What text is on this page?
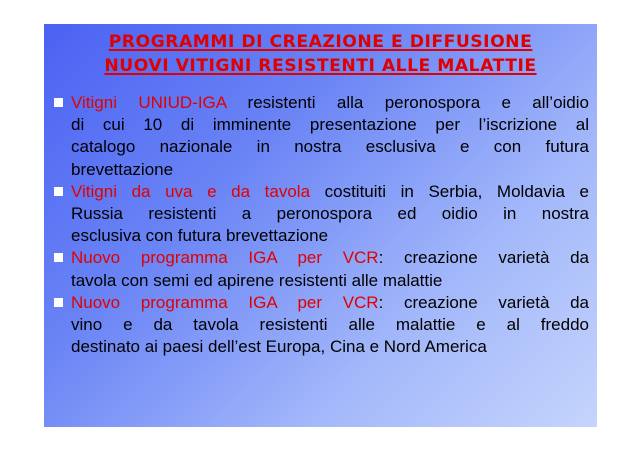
PROGRAMMI DI CREAZIONE E DIFFUSIONE
NUOVI VITIGNI RESISTENTI ALLE MALATTIE
Vitigni UNIUD-IGA resistenti alla peronospora e all’oidio
di cui 10 di imminente presentazione per l’iscrizione al
catalogo nazionale in nostra esclusiva e con futura
brevettazione
Vitigni da uva e da tavola costituiti in Serbia, Moldavia e
Russia resistenti a peronospora ed oidio in nostra
esclusiva con futura brevettazione
Nuovo programma IGA per VCR: creazione varietà da
tavola con semi ed apirene resistenti alle malattie
Nuovo programma IGA per VCR: creazione varietà da
vino e da tavola resistenti alle malattie e al freddo
destinato ai paesi dell’est Europa, Cina e Nord America
